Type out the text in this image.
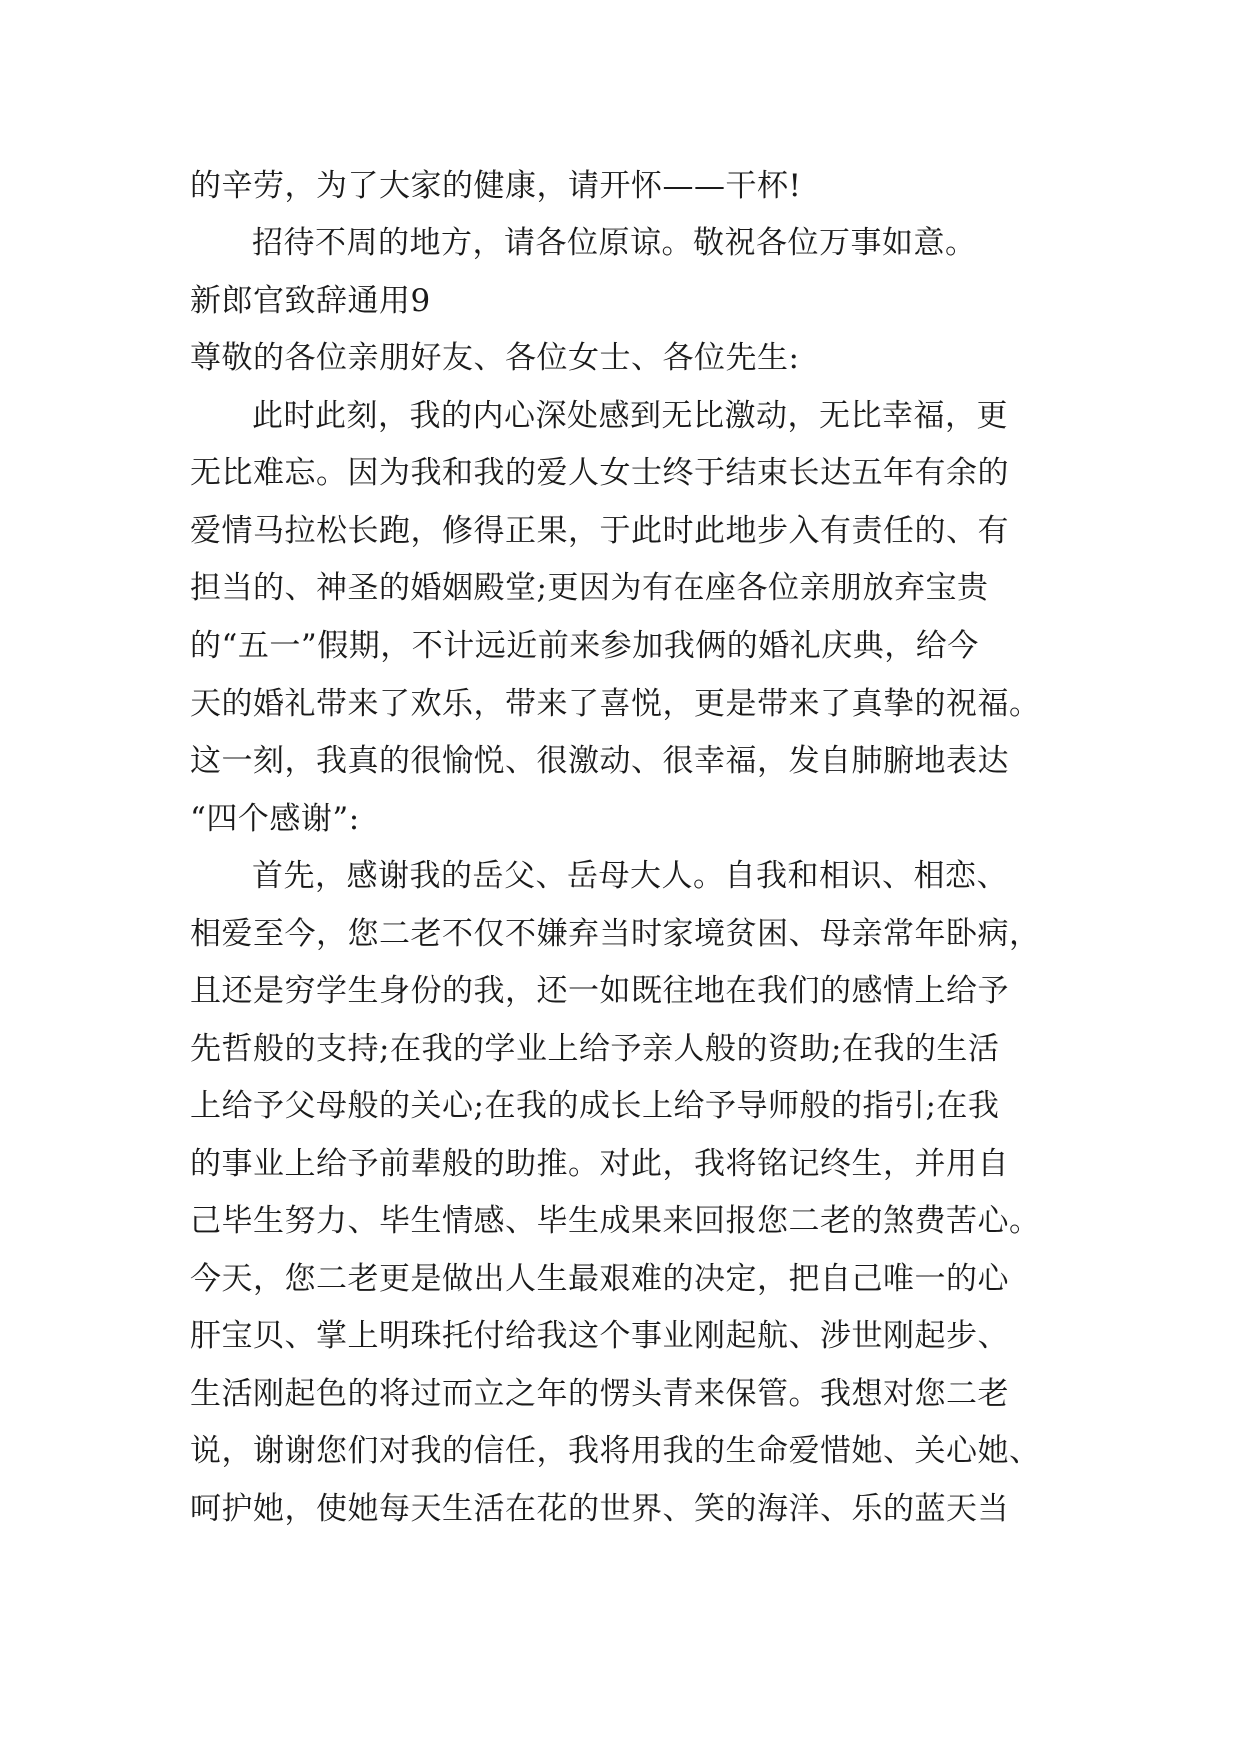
的辛劳，为了大家的健康，请开怀——干杯!
招待不周的地方，请各位原谅。敬祝各位万事如意。
新郎官致辞通用9
尊敬的各位亲朋好友、各位女士、各位先生:
此时此刻，我的内心深处感到无比激动，无比幸福，更
无比难忘。因为我和我的爱人女士终于结束长达五年有余的
爱情马拉松长跑，修得正果，于此时此地步入有责任的、有
担当的、神圣的婚姻殿堂;更因为有在座各位亲朋放弃宝贵
的“五一”假期，不计远近前来参加我俩的婚礼庆典，给今
天的婚礼带来了欢乐，带来了喜悦，更是带来了真挚的祝福。
这一刻，我真的很愉悦、很激动、很幸福，发自肺腑地表达
“四个感谢”:
首先，感谢我的岳父、岳母大人。自我和相识、相恋、
相爱至今，您二老不仅不嫌弃当时家境贫困、母亲常年卧病，
且还是穷学生身份的我，还一如既往地在我们的感情上给予
先哲般的支持;在我的学业上给予亲人般的资助;在我的生活
上给予父母般的关心;在我的成长上给予导师般的指引;在我
的事业上给予前辈般的助推。对此，我将铭记终生，并用自
己毕生努力、毕生情感、毕生成果来回报您二老的煞费苦心。
今天，您二老更是做出人生最艰难的决定，把自己唯一的心
肝宝贝、掌上明珠托付给我这个事业刚起航、涉世刚起步、
生活刚起色的将过而立之年的愣头青来保管。我想对您二老
说，谢谢您们对我的信任，我将用我的生命爱惜她、关心她、
呵护她，使她每天生活在花的世界、笑的海洋、乐的蓝天当
